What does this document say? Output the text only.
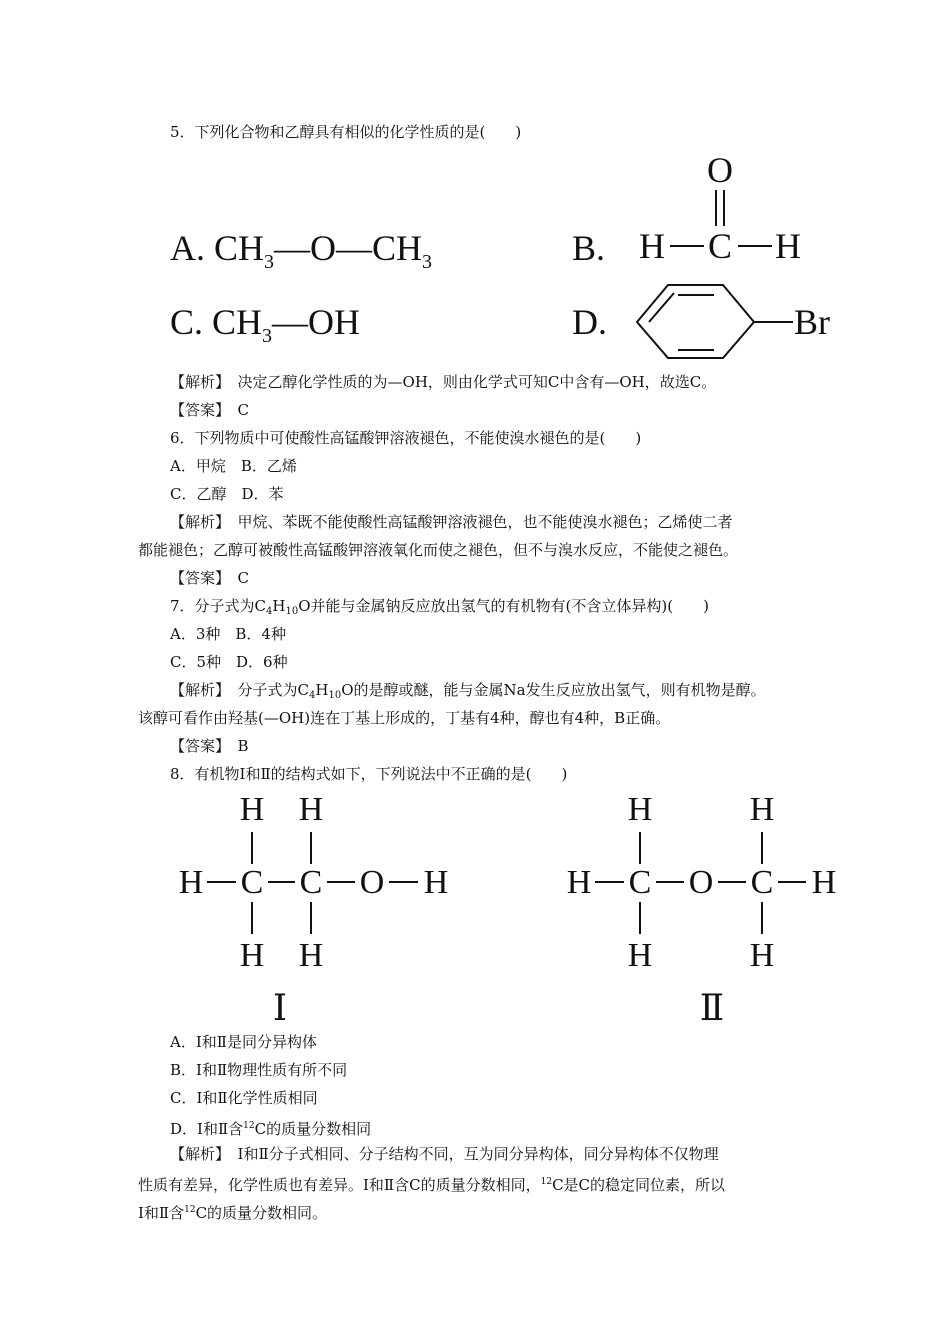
5．下列化合物和乙醇具有相似的化学性质的是(　　)
A. $CH_3—O—CH_3$	B.
C. $CH_3—OH$	D.
O
H C H
Br
H H
H C C O H
H H
Ⅰ
H	H
H C O C H
H	H
Ⅱ
【解析】　 决定乙醇化学性质的为—OH，则由化学式可知C中含有—OH，故选C。
【答案】　 C
6．下列物质中可使酸性高锰酸钾溶液褪色，不能使溴水褪色的是(　　)
A．甲烷　B．乙烯
C．乙醇　D．苯
【解析】　 甲烷、苯既不能使酸性高锰酸钾溶液褪色，也不能使溴水褪色；乙烯使二者
都能褪色；乙醇可被酸性高锰酸钾溶液氧化而使之褪色，但不与溴水反应，不能使之褪色。
【答案】　 C
7．分子式为$C_4H_{10}O$并能与金属钠反应放出氢气的有机物有(不含立体异构)(　　)
A．3种　B．4种
C．5种　D．6种
【解析】　 分子式为$C_4H_{10}O$的是醇或醚，能与金属Na发生反应放出氢气，则有机物是醇。
该醇可看作由羟基(—OH)连在丁基上形成的，丁基有4种，醇也有4种，B正确。
【答案】　 B
8．有机物Ⅰ和Ⅱ的结构式如下，下列说法中不正确的是(　　)
A．Ⅰ和Ⅱ是同分异构体
B．Ⅰ和Ⅱ物理性质有所不同
C．Ⅰ和Ⅱ化学性质相同
D．Ⅰ和Ⅱ含$^{12}$C的质量分数相同
【解析】　 Ⅰ和Ⅱ分子式相同、分子结构不同，互为同分异构体，同分异构体不仅物理
性质有差异，化学性质也有差异。Ⅰ和Ⅱ含C的质量分数相同，$^{12}$C是C的稳定同位素，所以
Ⅰ和Ⅱ含$^{12}$C的质量分数相同。
